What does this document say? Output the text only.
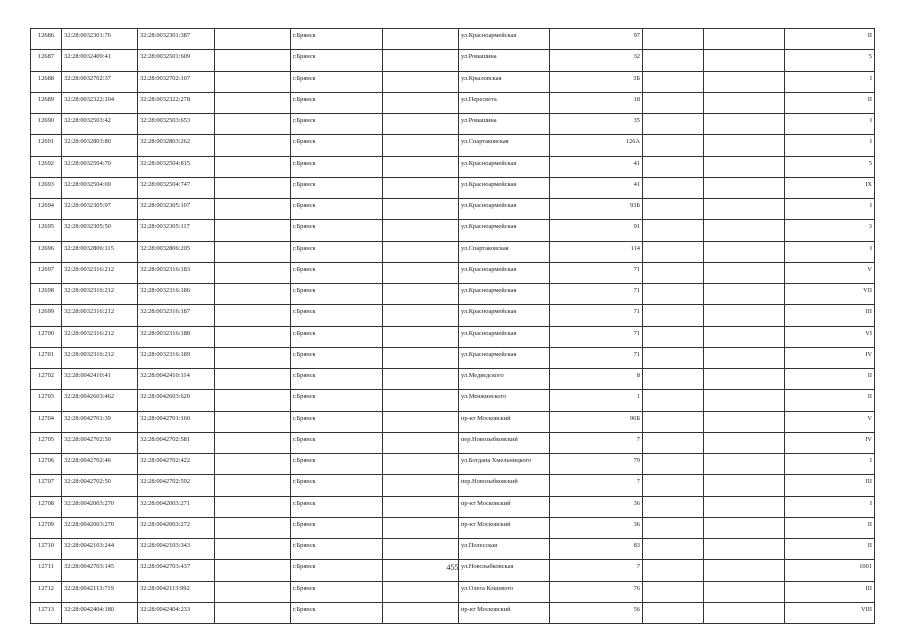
12686	32:28:0032301:76	32:28:0032301:387		г.Брянск		ул.Красноармейская	97			II
12687	32:28:0032409:41	32:28:0032501:609		г.Брянск		ул.Ромашина	32			5
12688	32:28:0032702:37	32:28:0032702:107		г.Брянск		ул.Крыловская	3Б			I
12689	32:28:0032322:104	32:28:0032322:278		г.Брянск		ул.Пересвета	18			II
12690	32:28:0032503:42	32:28:0032503:653		г.Брянск		ул.Ромашина	35			I
12691	32:28:0032803:80	32:28:0032803:262		г.Брянск		ул.Спартаковская	126А			I
12692	32:28:0032504:70	32:28:0032504:815		г.Брянск		ул.Красноармейская	41			5
12693	32:28:0032504:69	32:28:0032504:747		г.Брянск		ул.Красноармейская	41			IX
12694	32:28:0032305:97	32:28:0032305:107		г.Брянск		ул.Красноармейская	93Б			I
12695	32:28:0032305:50	32:28:0032305:117		г.Брянск		ул.Красноармейская	91			3
12696	32:28:0032806:115	32:28:0032806:205		г.Брянск		ул.Спартаковская	114			I
12697	32:28:0032316:212	32:28:0032316:183		г.Брянск		ул.Красноармейская	71			V
12698	32:28:0032316:212	32:28:0032316:186		г.Брянск		ул.Красноармейская	71			VII
12699	32:28:0032316:212	32:28:0032316:187		г.Брянск		ул.Красноармейская	71			III
12700	32:28:0032316:212	32:28:0032316:188		г.Брянск		ул.Красноармейская	71			VI
12701	32:28:0032316:212	32:28:0032316:189		г.Брянск		ул.Красноармейская	71			IV
12702	32:28:0042410:41	32:28:0042410:114		г.Брянск		ул.Медведского	8			II
12703	32:28:0042603:462	32:28:0042603:620		г.Брянск		ул.Менжинского	1			II
12704	32:28:0042701:39	32:28:0042701:160		г.Брянск		пр-кт Московский	96Б			V
12705	32:28:0042702:50	32:28:0042702:581		г.Брянск		пер.Новозыбковский	7			IV
12706	32:28:0042702:46	32:28:0042702:422		г.Брянск		ул.Богдана Хмельницкого	79			I
12707	32:28:0042702:50	32:28:0042702:592		г.Брянск		пер.Новозыбковский	7			III
12708	32:28:0042003:270	32:28:0042003:271		г.Брянск		пр-кт Московский	36			I
12709	32:28:0042003:270	32:28:0042003:272		г.Брянск		пр-кт Московский	36			II
12710	32:28:0042103:244	32:28:0042103:343		г.Брянск		ул.Полесская	83			II
12711	32:28:0042703:145	32:28:0042703:437		г.Брянск		ул.Новозыбковская	7			1001
12712	32:28:0042113:719	32:28:0042113:992		г.Брянск		ул.Олега Кошевого	76			III
12713	32:28:0042404:180	32:28:0042404:233		г.Брянск		пр-кт Московский	56			VIII
455
